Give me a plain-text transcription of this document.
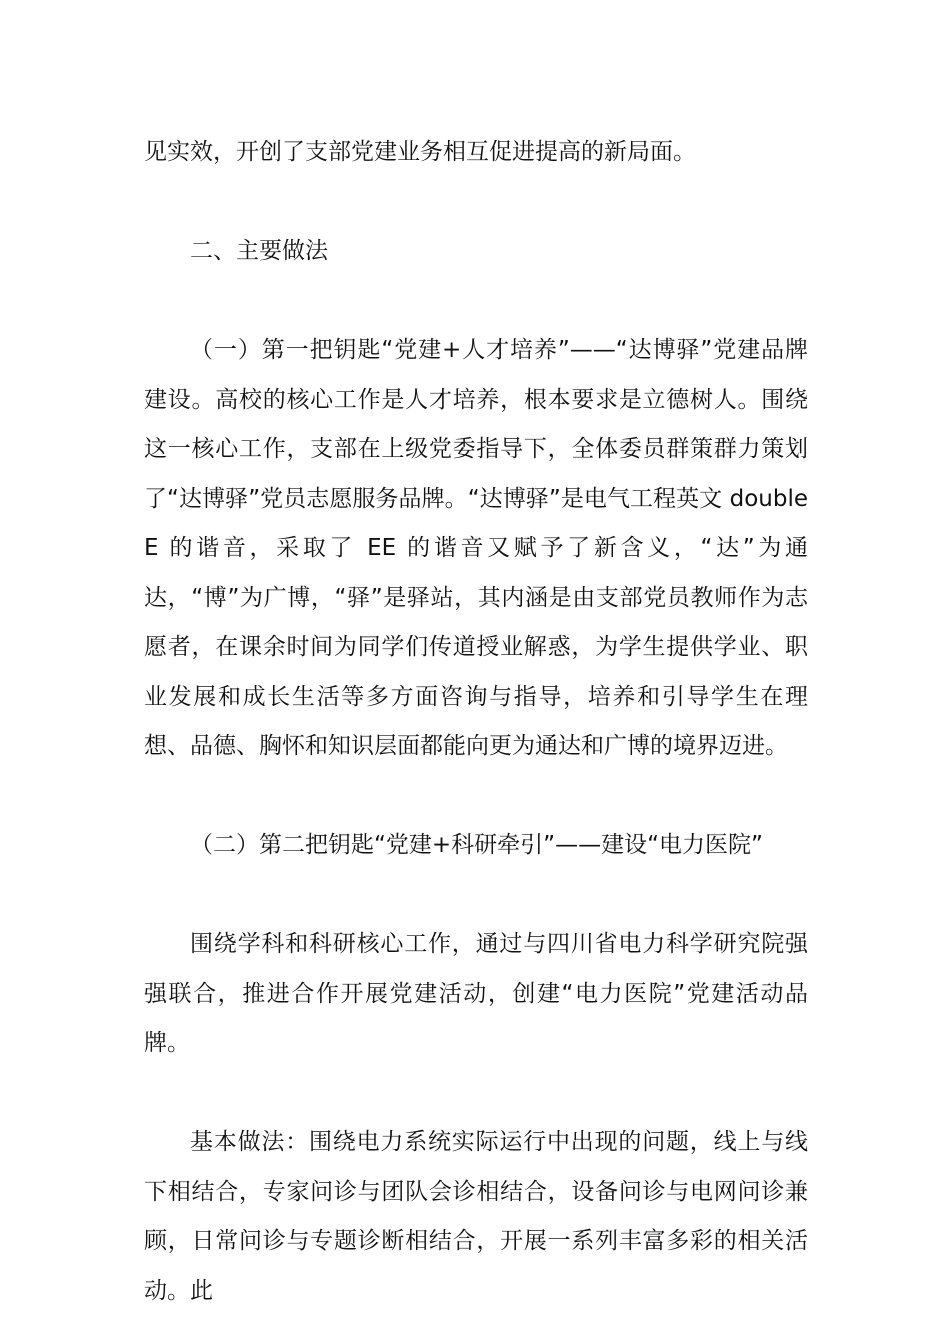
见实效，开创了支部党建业务相互促进提高的新局面。

二、主要做法

（一）第一把钥匙“党建+人才培养”——“达博驿”党建品牌建设。高校的核心工作是人才培养，根本要求是立德树人。围绕这一核心工作，支部在上级党委指导下，全体委员群策群力策划了“达博驿”党员志愿服务品牌。“达博驿”是电气工程英文 doubleE 的谐音，采取了 EE 的谐音又赋予了新含义，“达”为通达，“博”为广博，“驿”是驿站，其内涵是由支部党员教师作为志愿者，在课余时间为同学们传道授业解惑，为学生提供学业、职业发展和成长生活等多方面咨询与指导，培养和引导学生在理想、品德、胸怀和知识层面都能向更为通达和广博的境界迈进。

（二）第二把钥匙“党建+科研牵引”——建设“电力医院”

围绕学科和科研核心工作，通过与四川省电力科学研究院强强联合，推进合作开展党建活动，创建“电力医院”党建活动品牌。

基本做法：围绕电力系统实际运行中出现的问题，线上与线下相结合，专家问诊与团队会诊相结合，设备问诊与电网问诊兼顾，日常问诊与专题诊断相结合，开展一系列丰富多彩的相关活动。此
